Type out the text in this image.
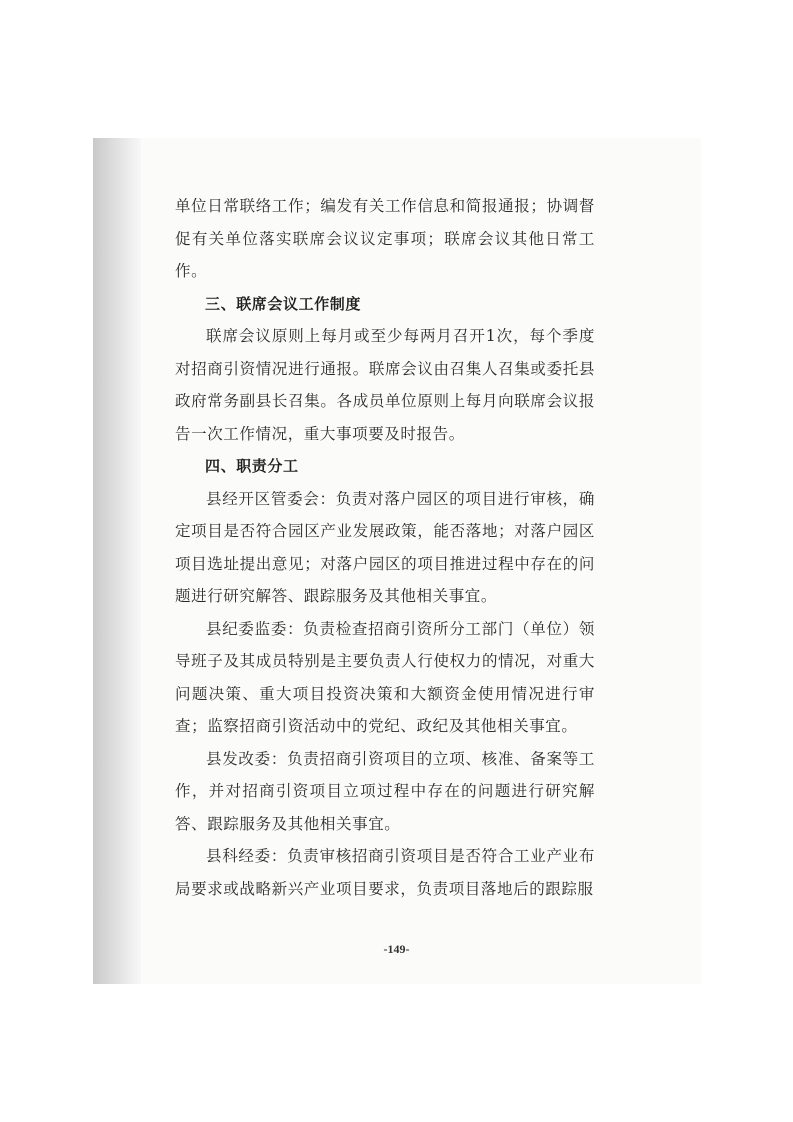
单位日常联络工作；编发有关工作信息和简报通报；协调督促有关单位落实联席会议议定事项；联席会议其他日常工作。

三、联席会议工作制度

联席会议原则上每月或至少每两月召开1次，每个季度对招商引资情况进行通报。联席会议由召集人召集或委托县政府常务副县长召集。各成员单位原则上每月向联席会议报告一次工作情况，重大事项要及时报告。

四、职责分工

县经开区管委会：负责对落户园区的项目进行审核，确定项目是否符合园区产业发展政策，能否落地；对落户园区项目选址提出意见；对落户园区的项目推进过程中存在的问题进行研究解答、跟踪服务及其他相关事宜。

县纪委监委：负责检查招商引资所分工部门（单位）领导班子及其成员特别是主要负责人行使权力的情况，对重大问题决策、重大项目投资决策和大额资金使用情况进行审查；监察招商引资活动中的党纪、政纪及其他相关事宜。

县发改委：负责招商引资项目的立项、核准、备案等工作，并对招商引资项目立项过程中存在的问题进行研究解答、跟踪服务及其他相关事宜。

县科经委：负责审核招商引资项目是否符合工业产业布局要求或战略新兴产业项目要求，负责项目落地后的跟踪服

-149-
